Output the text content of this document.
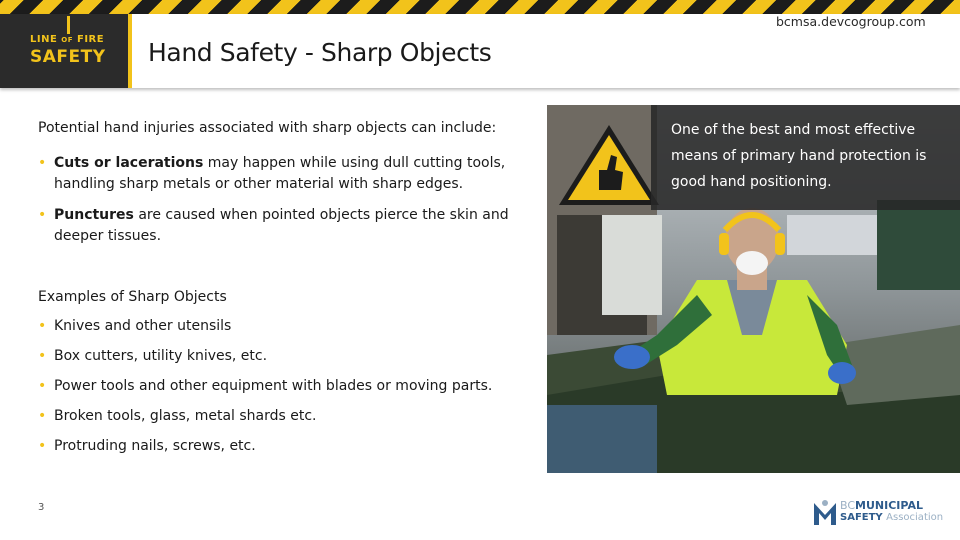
LINE OF FIRE
SAFETY Hand Safety - Sharp Objects
bcmsa.devcogroup.com

Potential hand injuries associated with sharp objects can include:

• Cuts or lacerations may happen while using dull cutting tools, handling sharp metals or other material with sharp edges.
• Punctures are caused when pointed objects pierce the skin and deeper tissues.

Examples of Sharp Objects

• Knives and other utensils
• Box cutters, utility knives, etc.
• Power tools and other equipment with blades or moving parts.
• Broken tools, glass, metal shards etc.
• Protruding nails, screws, etc.
One of the best and most effective means of primary hand protection is good hand positioning.
3	BCMUNICIPAL
SAFETY Association
